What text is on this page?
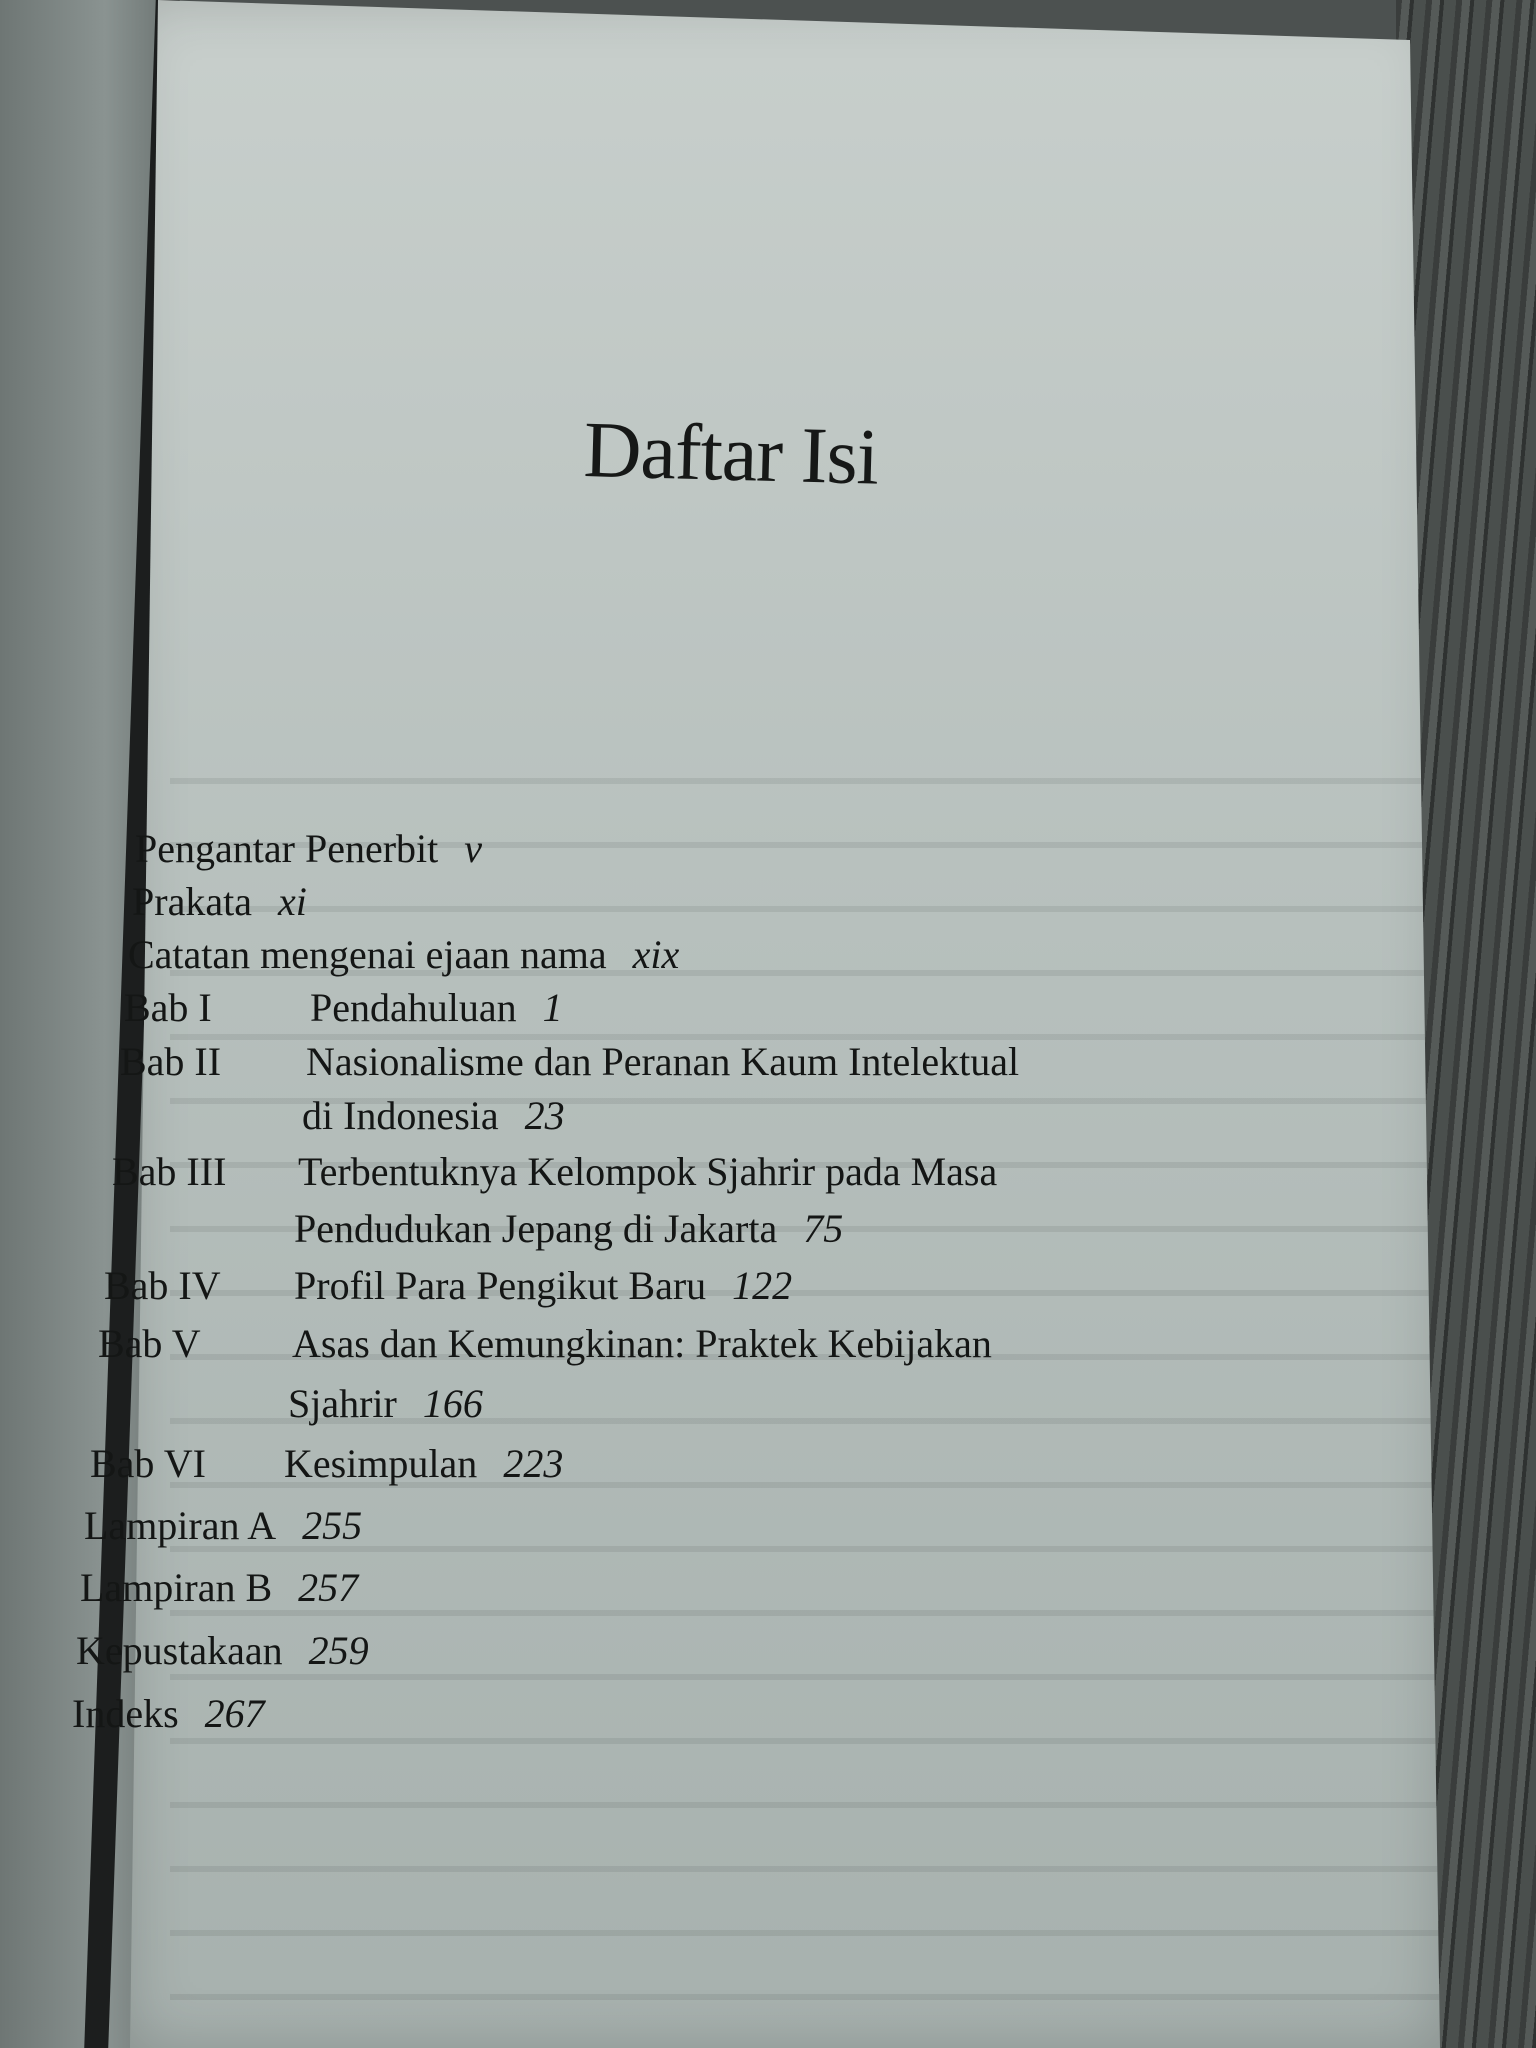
Daftar Isi
Pengantar Penerbit v
Prakata xi
Catatan mengenai ejaan nama xix
Bab I Pendahuluan 1
Bab II Nasionalisme dan Peranan Kaum Intelektual
di Indonesia 23
Bab III Terbentuknya Kelompok Sjahrir pada Masa
Pendudukan Jepang di Jakarta 75
Bab IV Profil Para Pengikut Baru 122
Bab V Asas dan Kemungkinan: Praktek Kebijakan
Sjahrir 166
Bab VI Kesimpulan 223
Lampiran A 255
Lampiran B 257
Kepustakaan 259
Indeks 267
